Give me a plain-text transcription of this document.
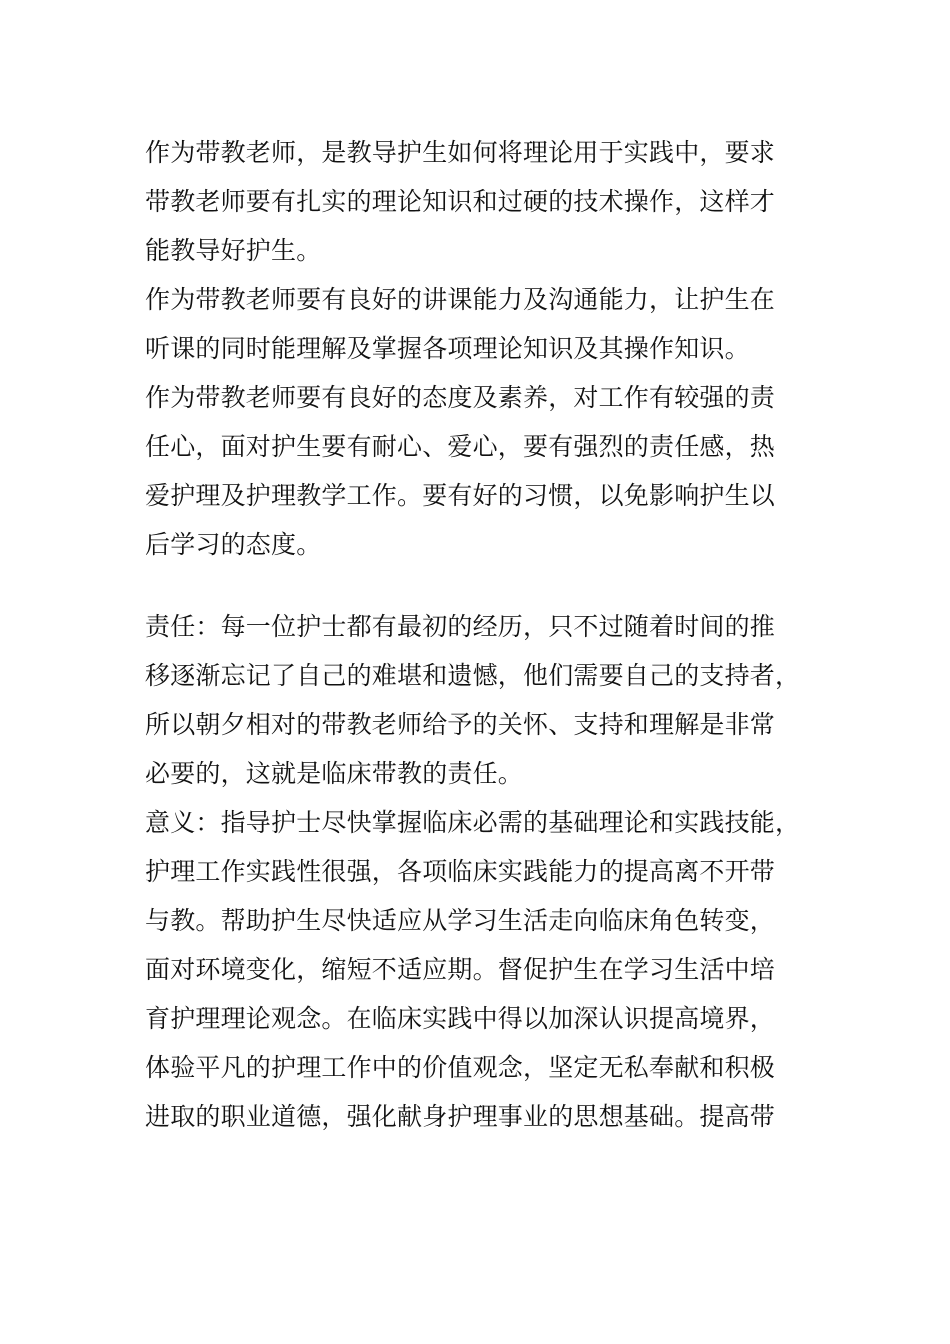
作为带教老师，是教导护生如何将理论用于实践中，要求
带教老师要有扎实的理论知识和过硬的技术操作，这样才
能教导好护生。
作为带教老师要有良好的讲课能力及沟通能力，让护生在
听课的同时能理解及掌握各项理论知识及其操作知识。
作为带教老师要有良好的态度及素养，对工作有较强的责
任心，面对护生要有耐心、爱心，要有强烈的责任感，热
爱护理及护理教学工作。要有好的习惯，以免影响护生以
后学习的态度。
责任：每一位护士都有最初的经历，只不过随着时间的推
移逐渐忘记了自己的难堪和遗憾，他们需要自己的支持者，
所以朝夕相对的带教老师给予的关怀、支持和理解是非常
必要的，这就是临床带教的责任。
意义：指导护士尽快掌握临床必需的基础理论和实践技能，
护理工作实践性很强，各项临床实践能力的提高离不开带
与教。帮助护生尽快适应从学习生活走向临床角色转变，
面对环境变化，缩短不适应期。督促护生在学习生活中培
育护理理论观念。在临床实践中得以加深认识提高境界，
体验平凡的护理工作中的价值观念，坚定无私奉献和积极
进取的职业道德，强化献身护理事业的思想基础。提高带
